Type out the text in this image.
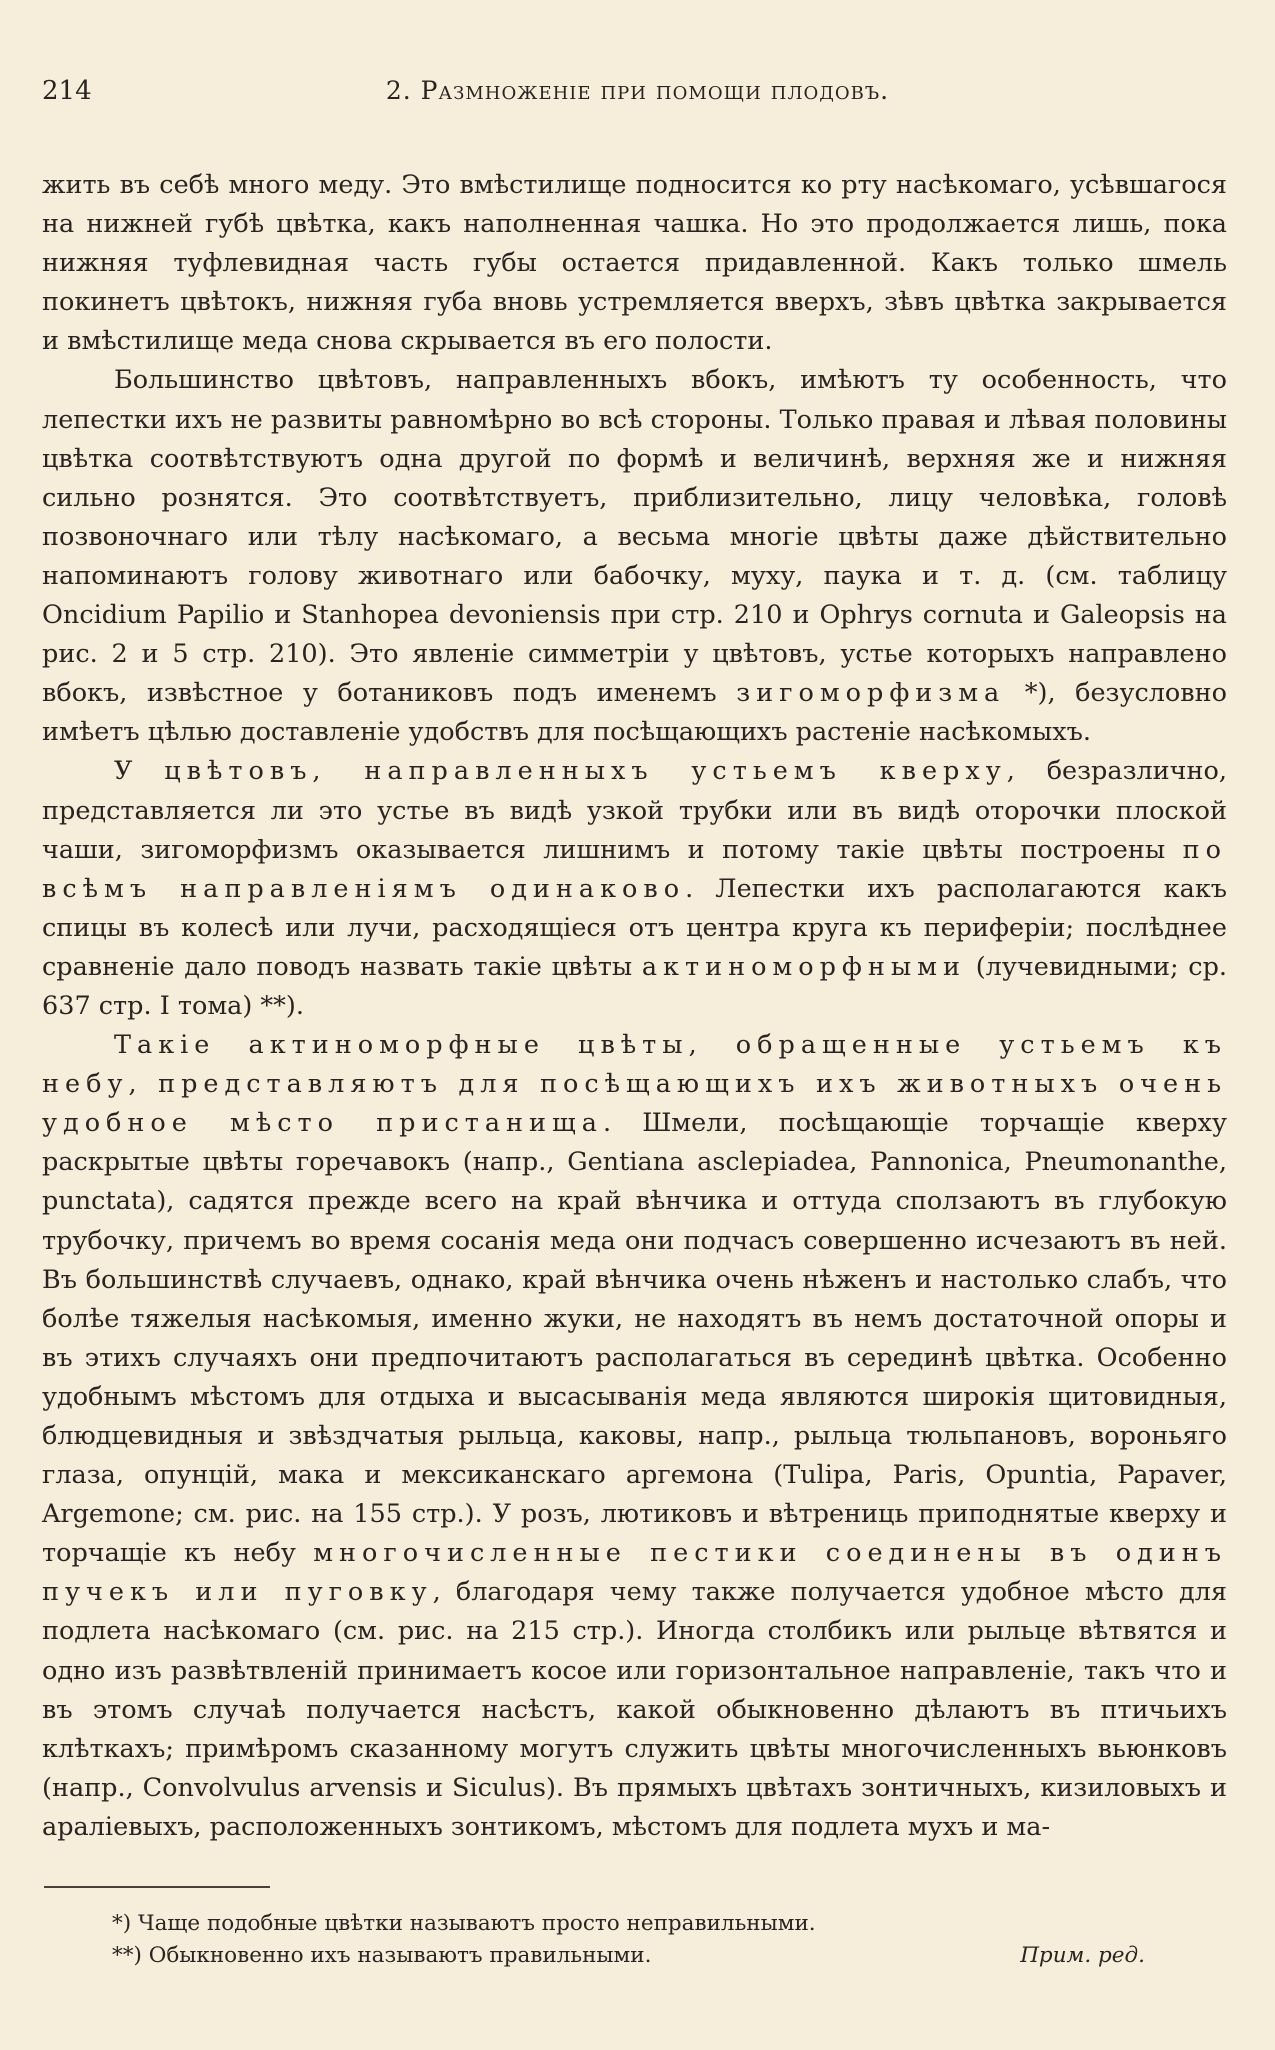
214	2. Размноженіе при помощи плодовъ.

жить въ себѣ много меду. Это вмѣстилище подносится ко рту насѣкомаго, усѣвшагося на нижней губѣ цвѣтка, какъ наполненная чашка. Но это продолжается лишь, пока нижняя туфлевидная часть губы остается придавленной. Какъ только шмель покинетъ цвѣтокъ, нижняя губа вновь устремляется вверхъ, зѣвъ цвѣтка закрывается и вмѣстилище меда снова скрывается въ его полости.

Большинство цвѣтовъ, направленныхъ вбокъ, имѣютъ ту особенность, что лепестки ихъ не развиты равномѣрно во всѣ стороны. Только правая и лѣвая половины цвѣтка соотвѣтствуютъ одна другой по формѣ и величинѣ, верхняя же и нижняя сильно рознятся. Это соотвѣтствуетъ, приблизительно, лицу человѣка, головѣ позвоночнаго или тѣлу насѣкомаго, а весьма многіе цвѣты даже дѣйствительно напоминаютъ голову животнаго или бабочку, муху, паука и т. д. (см. таблицу Oncidium Papilio и Stanhopea devoniensis при стр. 210 и Ophrys cornuta и Galeopsis на рис. 2 и 5 стр. 210). Это явленіе симметріи у цвѣтовъ, устье которыхъ направлено вбокъ, извѣстное у ботаниковъ подъ именемъ зигоморфизма *), безусловно имѣетъ цѣлью доставленіе удобствъ для посѣщающихъ растеніе насѣкомыхъ.

У цвѣтовъ, направленныхъ устьемъ кверху, безразлично, представляется ли это устье въ видѣ узкой трубки или въ видѣ оторочки плоской чаши, зигоморфизмъ оказывается лишнимъ и потому такіе цвѣты построены по всѣмъ направленіямъ одинаково. Лепестки ихъ располагаются какъ спицы въ колесѣ или лучи, расходящіеся отъ центра круга къ периферіи; послѣднее сравненіе дало поводъ назвать такіе цвѣты актиноморфными (лучевидными; ср. 637 стр. I тома) **).

Такіе актиноморфные цвѣты, обращенные устьемъ къ небу, представляютъ для посѣщающихъ ихъ животныхъ очень удобное мѣсто пристанища. Шмели, посѣщающіе торчащіе кверху раскрытые цвѣты горечавокъ (напр., Gentiana asclepiadea, Pannonica, Pneumonanthe, punctata), садятся прежде всего на край вѣнчика и оттуда сползаютъ въ глубокую трубочку, причемъ во время сосанія меда они подчасъ совершенно исчезаютъ въ ней. Въ большинствѣ случаевъ, однако, край вѣнчика очень нѣженъ и настолько слабъ, что болѣе тяжелыя насѣкомыя, именно жуки, не находятъ въ немъ достаточной опоры и въ этихъ случаяхъ они предпочитаютъ располагаться въ серединѣ цвѣтка. Особенно удобнымъ мѣстомъ для отдыха и высасыванія меда являются широкія щитовидныя, блюдцевидныя и звѣздчатыя рыльца, каковы, напр., рыльца тюльпановъ, вороньяго глаза, опунцій, мака и мексиканскаго аргемона (Tulipa, Paris, Opuntia, Papaver, Argemone; см. рис. на 155 стр.). У розъ, лютиковъ и вѣтрениць приподнятые кверху и торчащіе къ небу многочисленные пестики соединены въ одинъ пучекъ или пуговку, благодаря чему также получается удобное мѣсто для подлета насѣкомаго (см. рис. на 215 стр.). Иногда столбикъ или рыльце вѣтвятся и одно изъ развѣтвленій принимаетъ косое или горизонтальное направленіе, такъ что и въ этомъ случаѣ получается насѣстъ, какой обыкновенно дѣлаютъ въ птичьихъ клѣткахъ; примѣромъ сказанному могутъ служить цвѣты многочисленныхъ вьюнковъ (напр., Convolvulus arvensis и Siculus). Въ прямыхъ цвѣтахъ зонтичныхъ, кизиловыхъ и аралiевыхъ, расположенныхъ зонтикомъ, мѣстомъ для подлета мухъ и ма-

*) Чаще подобные цвѣтки называютъ просто неправильными.
**) Обыкновенно ихъ называютъ правильными.	Прим. ред.
